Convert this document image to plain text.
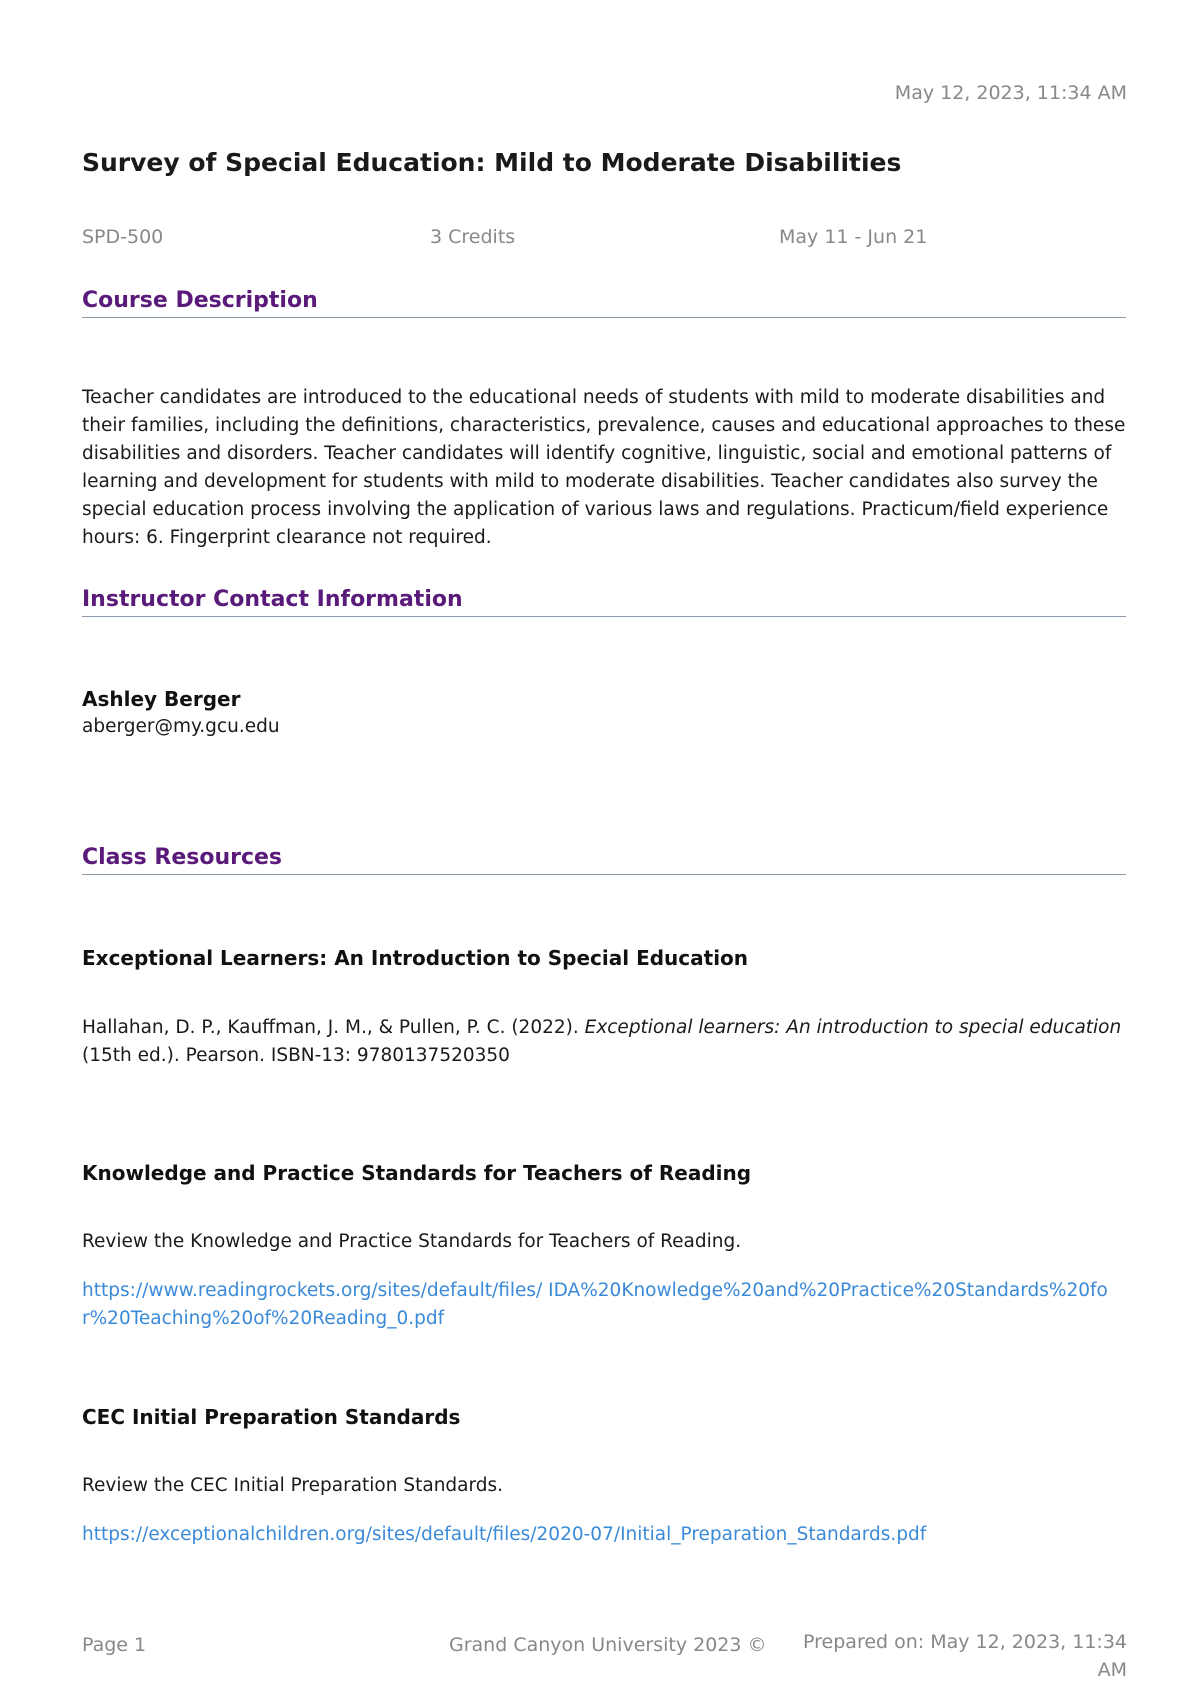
May 12, 2023, 11:34 AM
Survey of Special Education: Mild to Moderate Disabilities
SPD-500	3 Credits	May 11 - Jun 21
Course Description

Teacher candidates are introduced to the educational needs of students with mild to moderate disabilities and their families, including the definitions, characteristics, prevalence, causes and educational approaches to these disabilities and disorders. Teacher candidates will identify cognitive, linguistic, social and emotional patterns of learning and development for students with mild to moderate disabilities. Teacher candidates also survey the special education process involving the application of various laws and regulations. Practicum/field experience hours: 6. Fingerprint clearance not required.

Instructor Contact Information
Ashley Berger
aberger@my.gcu.edu
Class Resources
Exceptional Learners: An Introduction to Special Education

Hallahan, D. P., Kauffman, J. M., & Pullen, P. C. (2022). Exceptional learners: An introduction to special education (15th ed.). Pearson. ISBN-13: 9780137520350

Knowledge and Practice Standards for Teachers of Reading

Review the Knowledge and Practice Standards for Teachers of Reading.

https://www.readingrockets.org/sites/default/files/ IDA%20Knowledge%20and%20Practice%20Standards%20for%20Teaching%20of%20Reading_0.pdf
CEC Initial Preparation Standards

Review the CEC Initial Preparation Standards.

https://exceptionalchildren.org/sites/default/files/2020-07/Initial_Preparation_Standards.pdf
Page 1	Grand Canyon University 2023 ©	Prepared on: May 12, 2023, 11:34 AM
